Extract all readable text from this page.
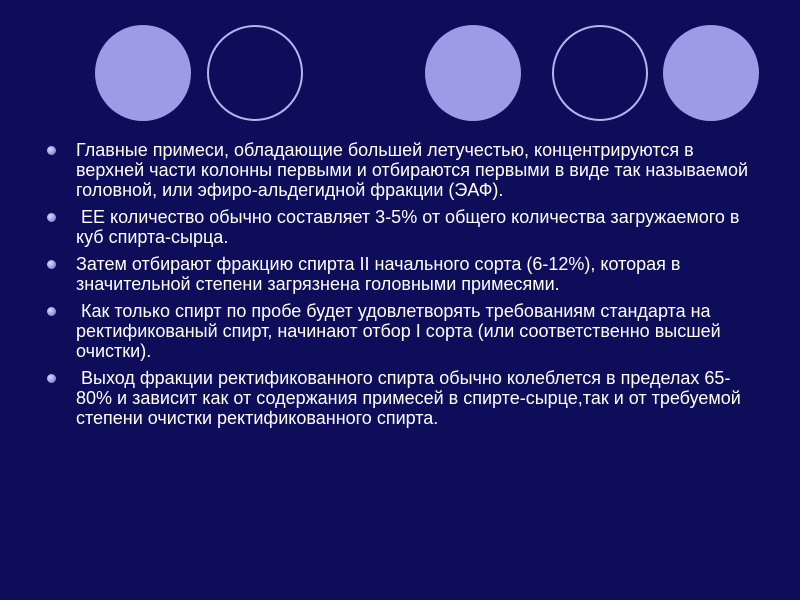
Главные примеси, обладающие большей летучестью, концентрируются в верхней части колонны первыми и отбираются первыми в виде так называемой головной, или эфиро-альдегидной фракции (ЭАФ).
ЕЕ количество обычно составляет 3-5% от общего количества загружаемого в куб спирта-сырца.
Затем отбирают фракцию спирта II начального сорта (6-12%), которая в значительной степени загрязнена головными примесями.
Как только спирт по пробе будет удовлетворять требованиям стандарта на ректификованый спирт, начинают отбор I сорта (или соответственно высшей очистки).
Выход фракции ректификованного спирта обычно колеблется в пределах 65-80% и зависит как от содержания примесей в спирте-сырце,так и от требуемой степени очистки ректификованного спирта.
